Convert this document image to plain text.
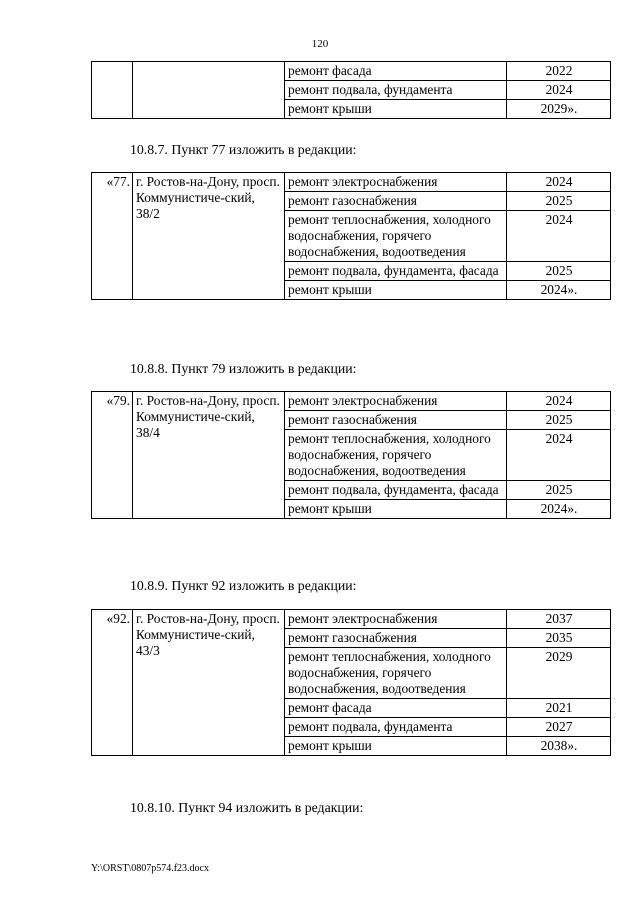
120
		ремонт фасада	2022
		ремонт подвала, фундамента	2024
		ремонт крыши	2029».
10.8.7. Пункт 77 изложить в редакции:
«77.	г. Ростов-на-Дону, просп. Коммунистиче-ский, 38/2	ремонт электроснабжения	2024
		ремонт газоснабжения	2025
		ремонт теплоснабжения, холодного водоснабжения, горячего водоснабжения, водоотведения	2024
		ремонт подвала, фундамента, фасада	2025
		ремонт крыши	2024».
10.8.8. Пункт 79 изложить в редакции:
«79.	г. Ростов-на-Дону, просп. Коммунистиче-ский, 38/4	ремонт электроснабжения	2024
		ремонт газоснабжения	2025
		ремонт теплоснабжения, холодного водоснабжения, горячего водоснабжения, водоотведения	2024
		ремонт подвала, фундамента, фасада	2025
		ремонт крыши	2024».
10.8.9. Пункт 92 изложить в редакции:
«92.	г. Ростов-на-Дону, просп. Коммунистиче-ский, 43/3	ремонт электроснабжения	2037
		ремонт газоснабжения	2035
		ремонт теплоснабжения, холодного водоснабжения, горячего водоснабжения, водоотведения	2029
		ремонт фасада	2021
		ремонт подвала, фундамента	2027
		ремонт крыши	2038».
10.8.10. Пункт 94 изложить в редакции:
Y:\ORST\0807p574.f23.docx
